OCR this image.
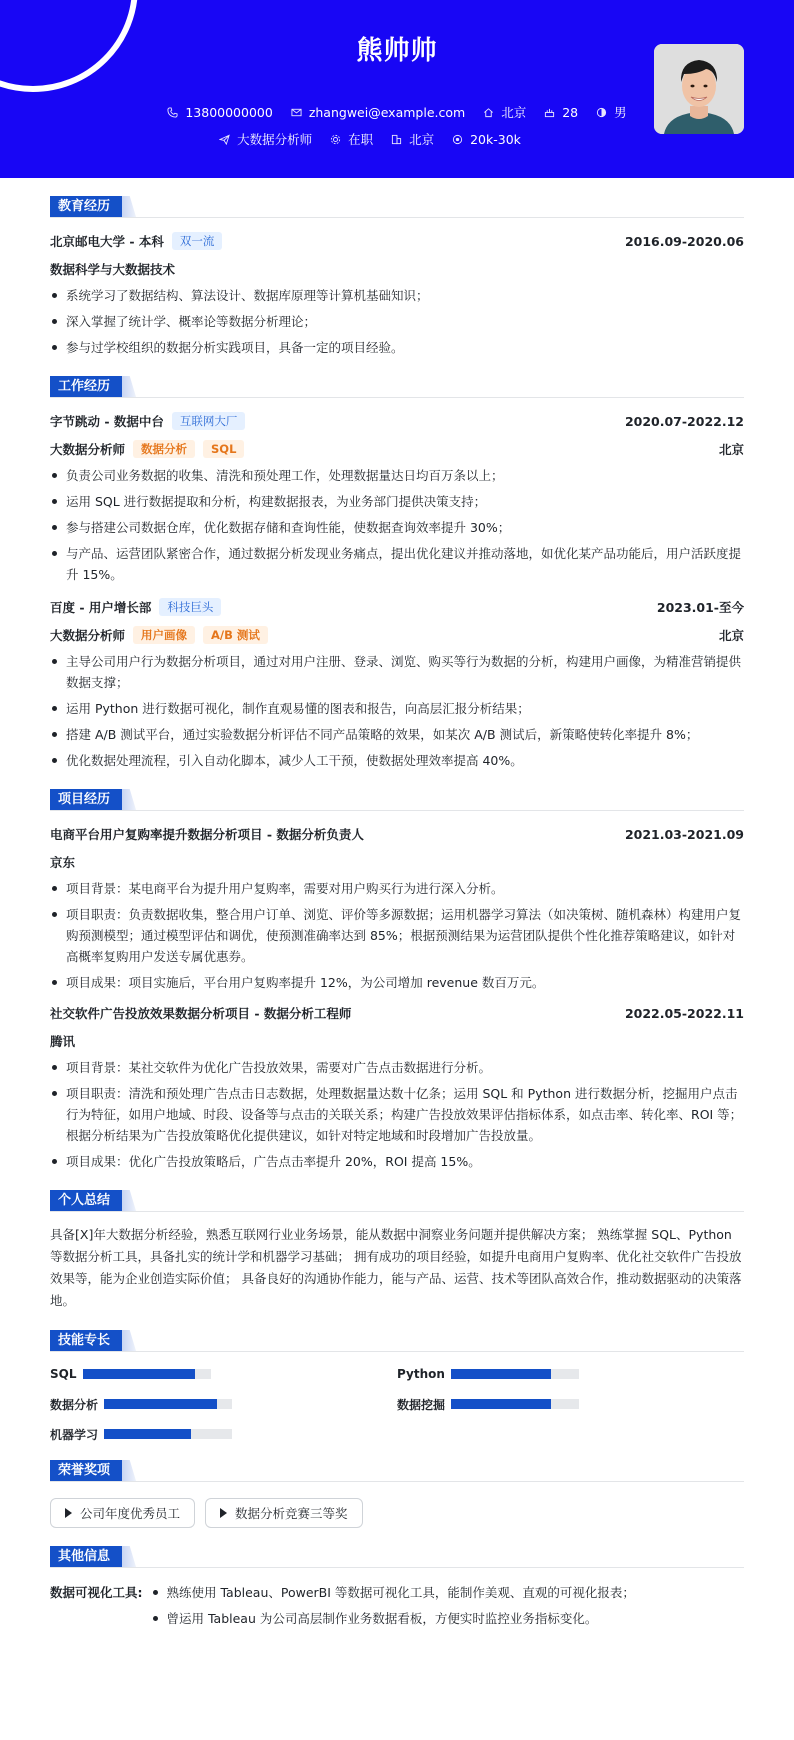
熊帅帅
13800000000	zhangwei@example.com	北京	28	男
大数据分析师	在职	北京	20k-30k
教育经历
北京邮电大学 - 本科	双一流	2016.09-2020.06
数据科学与大数据技术
系统学习了数据结构、算法设计、数据库原理等计算机基础知识；
深入掌握了统计学、概率论等数据分析理论；
参与过学校组织的数据分析实践项目，具备一定的项目经验。
工作经历
字节跳动 - 数据中台	互联网大厂	2020.07-2022.12
大数据分析师	数据分析	SQL	北京
负责公司业务数据的收集、清洗和预处理工作，处理数据量达日均百万条以上；
运用 SQL 进行数据提取和分析，构建数据报表，为业务部门提供决策支持；
参与搭建公司数据仓库，优化数据存储和查询性能，使数据查询效率提升 30%；
与产品、运营团队紧密合作，通过数据分析发现业务痛点，提出优化建议并推动落地，如优化某产品功能后，用户活跃度提升 15%。
百度 - 用户增长部	科技巨头	2023.01-至今
大数据分析师	用户画像	A/B 测试	北京
主导公司用户行为数据分析项目，通过对用户注册、登录、浏览、购买等行为数据的分析，构建用户画像，为精准营销提供数据支撑；
运用 Python 进行数据可视化，制作直观易懂的图表和报告，向高层汇报分析结果；
搭建 A/B 测试平台，通过实验数据分析评估不同产品策略的效果，如某次 A/B 测试后，新策略使转化率提升 8%；
优化数据处理流程，引入自动化脚本，减少人工干预，使数据处理效率提高 40%。
项目经历
电商平台用户复购率提升数据分析项目 - 数据分析负责人	2021.03-2021.09
京东
项目背景：某电商平台为提升用户复购率，需要对用户购买行为进行深入分析。
项目职责：负责数据收集，整合用户订单、浏览、评价等多源数据；运用机器学习算法（如决策树、随机森林）构建用户复购预测模型；通过模型评估和调优，使预测准确率达到 85%；根据预测结果为运营团队提供个性化推荐策略建议，如针对高概率复购用户发送专属优惠券。
项目成果：项目实施后，平台用户复购率提升 12%，为公司增加 revenue 数百万元。
社交软件广告投放效果数据分析项目 - 数据分析工程师	2022.05-2022.11
腾讯
项目背景：某社交软件为优化广告投放效果，需要对广告点击数据进行分析。
项目职责：清洗和预处理广告点击日志数据，处理数据量达数十亿条；运用 SQL 和 Python 进行数据分析，挖掘用户点击行为特征，如用户地域、时段、设备等与点击的关联关系；构建广告投放效果评估指标体系，如点击率、转化率、ROI 等；根据分析结果为广告投放策略优化提供建议，如针对特定地域和时段增加广告投放量。
项目成果：优化广告投放策略后，广告点击率提升 20%，ROI 提高 15%。
个人总结
具备[X]年大数据分析经验，熟悉互联网行业业务场景，能从数据中洞察业务问题并提供解决方案； 熟练掌握 SQL、Python 等数据分析工具，具备扎实的统计学和机器学习基础； 拥有成功的项目经验，如提升电商用户复购率、优化社交软件广告投放效果等，能为企业创造实际价值； 具备良好的沟通协作能力，能与产品、运营、技术等团队高效合作，推动数据驱动的决策落地。
技能专长
SQL	Python
数据分析	数据挖掘
机器学习
荣誉奖项
公司年度优秀员工	数据分析竞赛三等奖
其他信息
数据可视化工具:	熟练使用 Tableau、PowerBI 等数据可视化工具，能制作美观、直观的可视化报表；
曾运用 Tableau 为公司高层制作业务数据看板，方便实时监控业务指标变化。
